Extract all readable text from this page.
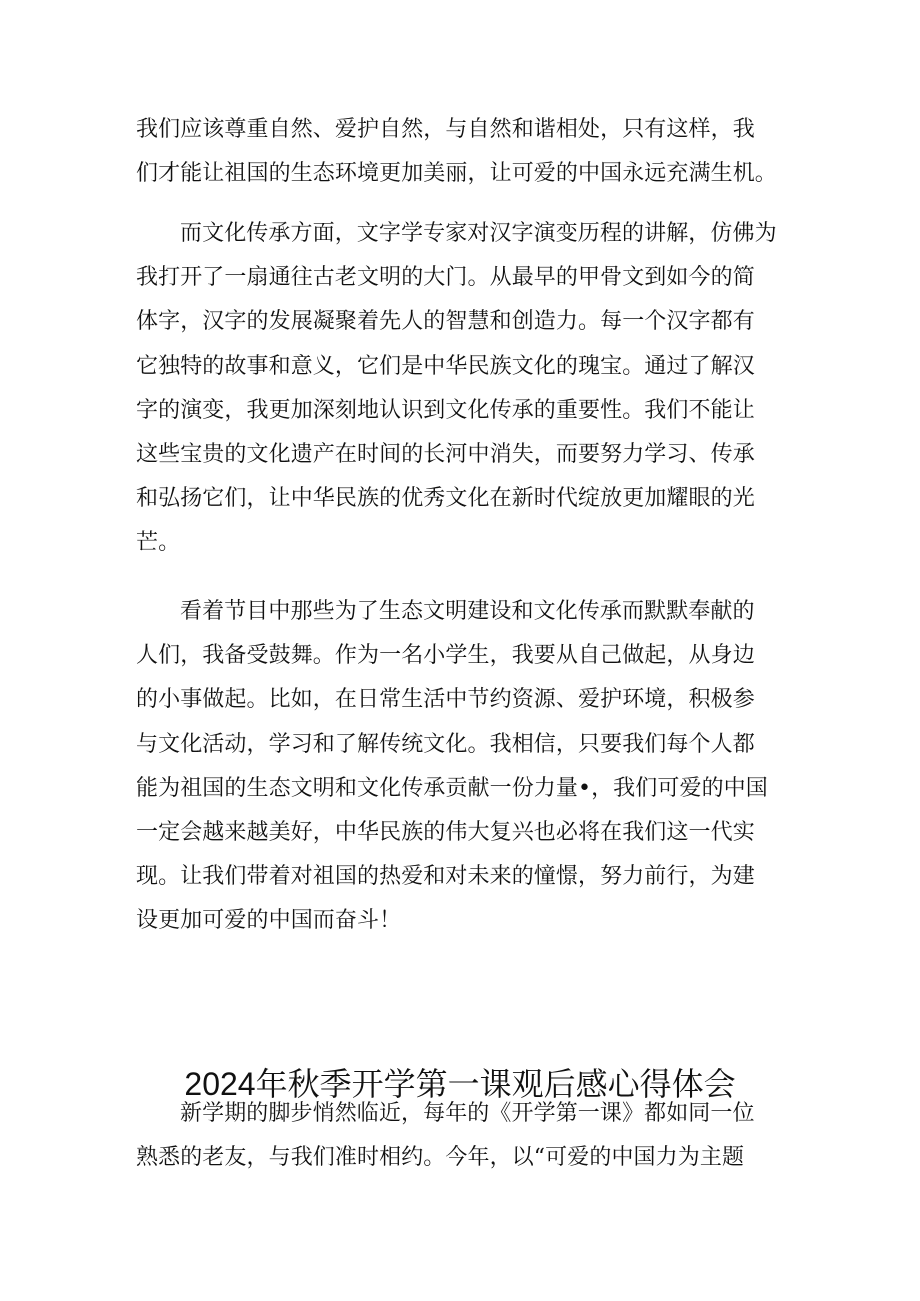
我们应该尊重自然、爱护自然，与自然和谐相处，只有这样，我
们才能让祖国的生态环境更加美丽，让可爱的中国永远充满生机。
而文化传承方面，文字学专家对汉字演变历程的讲解，仿佛为
我打开了一扇通往古老文明的大门。从最早的甲骨文到如今的简
体字，汉字的发展凝聚着先人的智慧和创造力。每一个汉字都有
它独特的故事和意义，它们是中华民族文化的瑰宝。通过了解汉
字的演变，我更加深刻地认识到文化传承的重要性。我们不能让
这些宝贵的文化遗产在时间的长河中消失，而要努力学习、传承
和弘扬它们，让中华民族的优秀文化在新时代绽放更加耀眼的光
芒。
看着节目中那些为了生态文明建设和文化传承而默默奉献的
人们，我备受鼓舞。作为一名小学生，我要从自己做起，从身边
的小事做起。比如，在日常生活中节约资源、爱护环境，积极参
与文化活动，学习和了解传统文化。我相信，只要我们每个人都
能为祖国的生态文明和文化传承贡献一份力量•，我们可爱的中国
一定会越来越美好，中华民族的伟大复兴也必将在我们这一代实
现。让我们带着对祖国的热爱和对未来的憧憬，努力前行，为建
设更加可爱的中国而奋斗！
2024年秋季开学第一课观后感心得体会
新学期的脚步悄然临近，每年的《开学第一课》都如同一位
熟悉的老友，与我们准时相约。今年，以“可爱的中国力为主题
